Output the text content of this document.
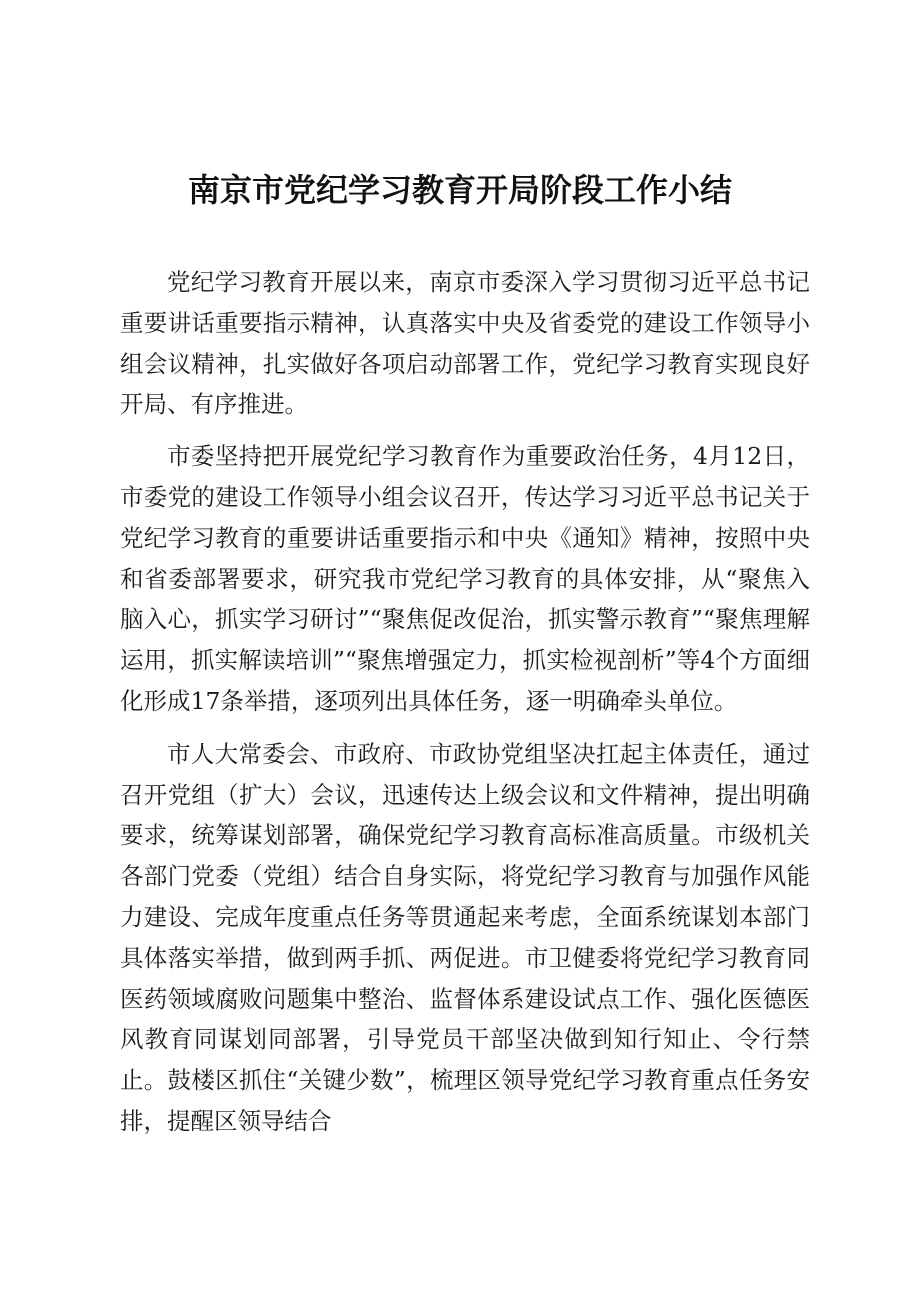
南京市党纪学习教育开局阶段工作小结

党纪学习教育开展以来，南京市委深入学习贯彻习近平总书记重要讲话重要指示精神，认真落实中央及省委党的建设工作领导小组会议精神，扎实做好各项启动部署工作，党纪学习教育实现良好开局、有序推进。

市委坚持把开展党纪学习教育作为重要政治任务，4月12日，市委党的建设工作领导小组会议召开，传达学习习近平总书记关于党纪学习教育的重要讲话重要指示和中央《通知》精神，按照中央和省委部署要求，研究我市党纪学习教育的具体安排，从“聚焦入脑入心，抓实学习研讨”“聚焦促改促治，抓实警示教育”“聚焦理解运用，抓实解读培训”“聚焦增强定力，抓实检视剖析”等4个方面细化形成17条举措，逐项列出具体任务，逐一明确牵头单位。

市人大常委会、市政府、市政协党组坚决扛起主体责任，通过召开党组（扩大）会议，迅速传达上级会议和文件精神，提出明确要求，统筹谋划部署，确保党纪学习教育高标准高质量。市级机关各部门党委（党组）结合自身实际，将党纪学习教育与加强作风能力建设、完成年度重点任务等贯通起来考虑，全面系统谋划本部门具体落实举措，做到两手抓、两促进。市卫健委将党纪学习教育同医药领域腐败问题集中整治、监督体系建设试点工作、强化医德医风教育同谋划同部署，引导党员干部坚决做到知行知止、令行禁止。鼓楼区抓住“关键少数”，梳理区领导党纪学习教育重点任务安排，提醒区领导结合
